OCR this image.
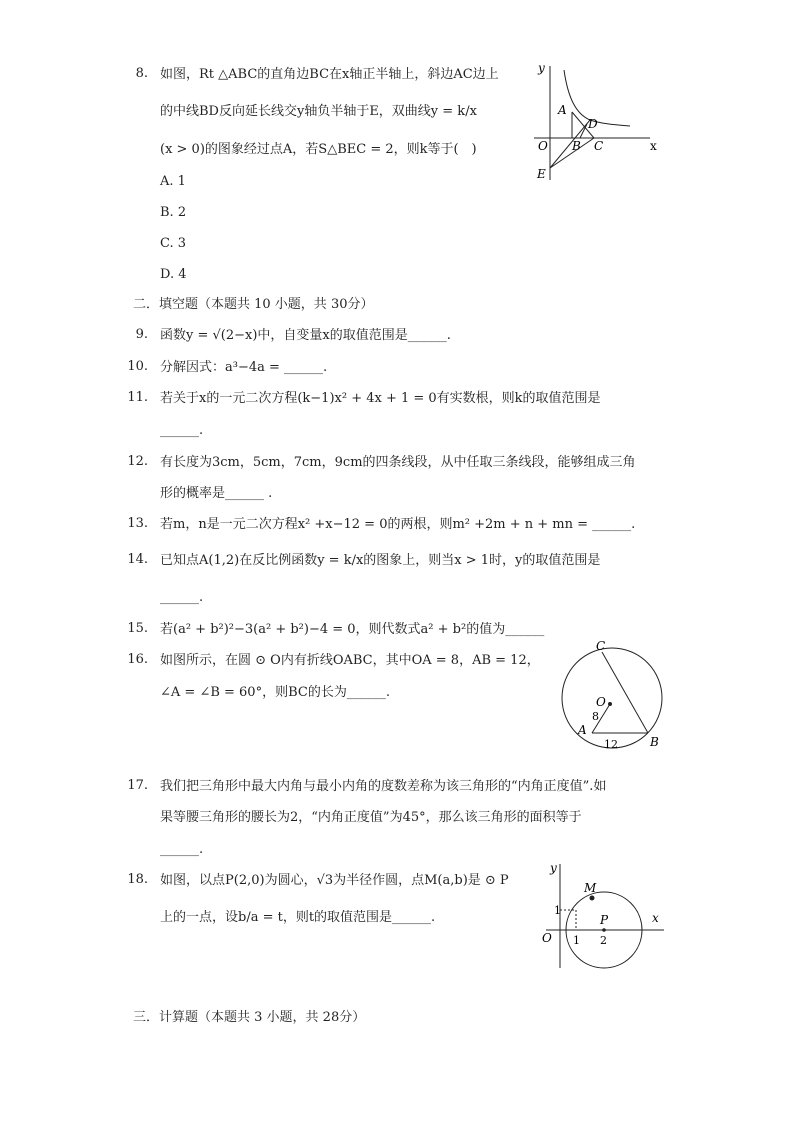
8. 如图，Rt △ABC的直角边BC在x轴正半轴上，斜边AC边上
的中线BD反向延长线交y轴负半轴于E，双曲线y = k/x
(x > 0)的图象经过点A，若S△BEC = 2，则k等于(　)
A. 1
B. 2
C. 3
D. 4
y
x
A
D
O B C
E
二．填空题（本题共 10 小题，共 30分）
9. 函数y = √(2−x)中，自变量x的取值范围是______.
10. 分解因式：a³−4a = ______.
11. 若关于x的一元二次方程(k−1)x² + 4x + 1 = 0有实数根，则k的取值范围是
______.
12. 有长度为3cm，5cm，7cm，9cm的四条线段，从中任取三条线段，能够组成三角
形的概率是______ .
13. 若m，n是一元二次方程x² +x−12 = 0的两根，则m² +2m + n + mn = ______.
14. 已知点A(1,2)在反比例函数y = k/x的图象上，则当x > 1时，y的取值范围是
______.
15. 若(a² + b²)²−3(a² + b²)−4 = 0，则代数式a² + b²的值为______
16. 如图所示，在圆 ⊙ O内有折线OABC，其中OA = 8，AB = 12，
∠A = ∠B = 60°，则BC的长为______.
C
O
8
A
12	B
17. 我们把三角形中最大内角与最小内角的度数差称为该三角形的“内角正度值”.如
果等腰三角形的腰长为2，“内角正度值”为45°，那么该三角形的面积等于
______.
18. 如图，以点P(2,0)为圆心，√3为半径作圆，点M(a,b)是 ⊙ P
上的一点，设b/a = t，则t的取值范围是______.
y
x
M
P
1
O 1 2
三．计算题（本题共 3 小题，共 28分）
